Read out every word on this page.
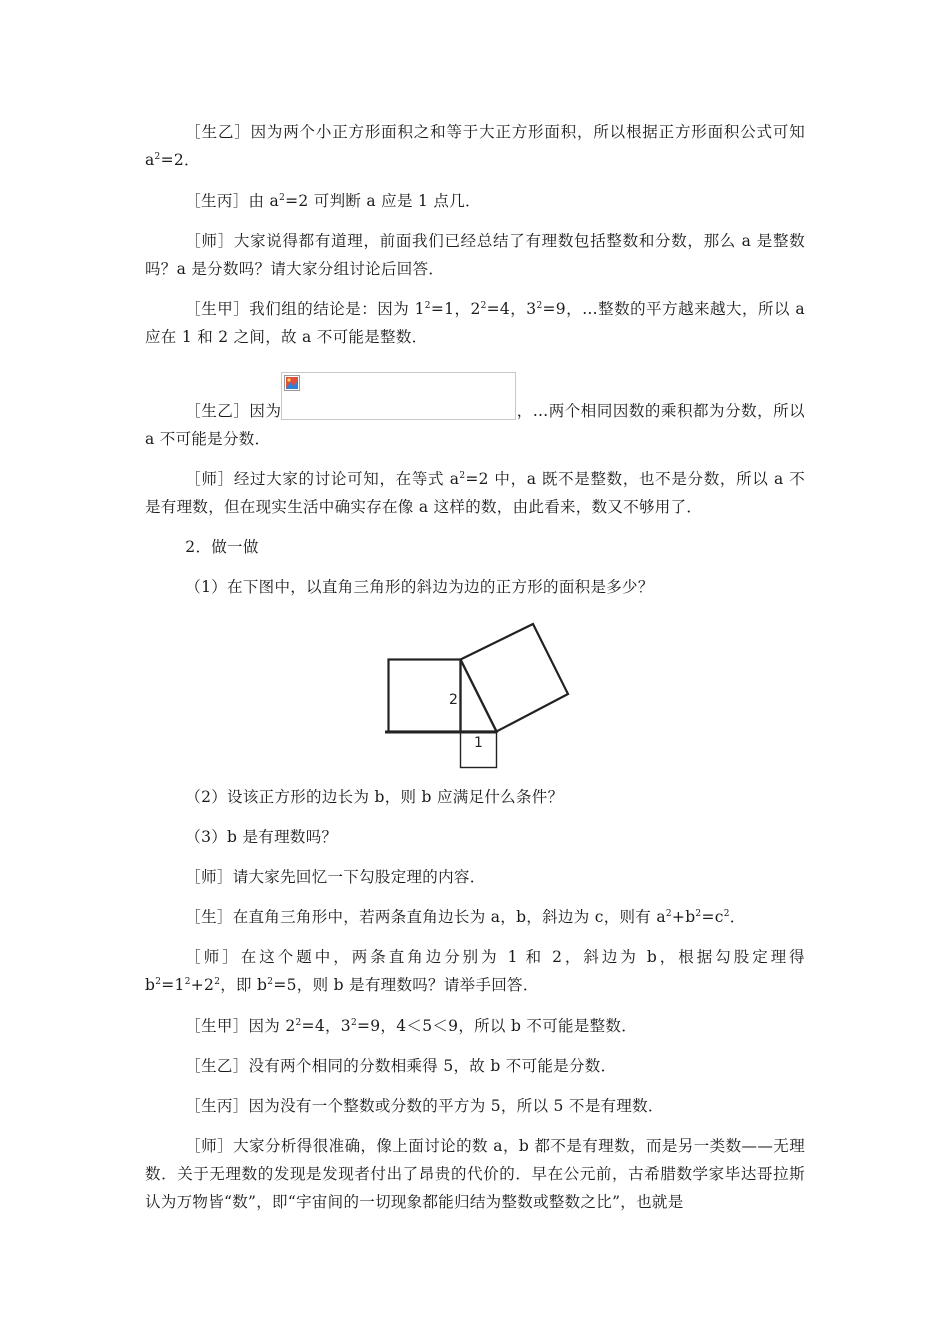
［生乙］因为两个小正方形面积之和等于大正方形面积，所以根据正方形面积公式可知 $a^2=2$．

［生丙］由 $a^2=2$ 可判断 a 应是 1 点几．

［师］大家说得都有道理，前面我们已经总结了有理数包括整数和分数，那么 a 是整数吗？a 是分数吗？请大家分组讨论后回答．

［生甲］我们组的结论是：因为 $1^2=1$，$2^2=4$，$3^2=9$，…整数的平方越来越大，所以 a 应在 1 和 2 之间，故 a 不可能是整数．

［生乙］因为	，…两个相同因数的乘积都为分数，所以 a 不可能是分数．

［师］经过大家的讨论可知，在等式 $a^2=2$ 中，a 既不是整数，也不是分数，所以 a 不是有理数，但在现实生活中确实存在像 a 这样的数，由此看来，数又不够用了．

2．做一做

（1）在下图中，以直角三角形的斜边为边的正方形的面积是多少？

2
1

（2）设该正方形的边长为 b，则 b 应满足什么条件？

（3）b 是有理数吗？

［师］请大家先回忆一下勾股定理的内容．

［生］在直角三角形中，若两条直角边长为 a，b，斜边为 c，则有 $a^2+b^2=c^2$．

［师］在这个题中，两条直角边分别为 1 和 2，斜边为 b，根据勾股定理得 $b^2=1^2+2^2$，即 $b^2=5$，则 b 是有理数吗？请举手回答．

［生甲］因为 $2^2=4$，$3^2=9$，4＜5＜9，所以 b 不可能是整数．

［生乙］没有两个相同的分数相乘得 5，故 b 不可能是分数．

［生丙］因为没有一个整数或分数的平方为 5，所以 5 不是有理数．

［师］大家分析得很准确，像上面讨论的数 a，b 都不是有理数，而是另一类数——无理数．关于无理数的发现是发现者付出了昂贵的代价的．早在公元前，古希腊数学家毕达哥拉斯认为万物皆“数”，即“宇宙间的一切现象都能归结为整数或整数之比”，也就是
